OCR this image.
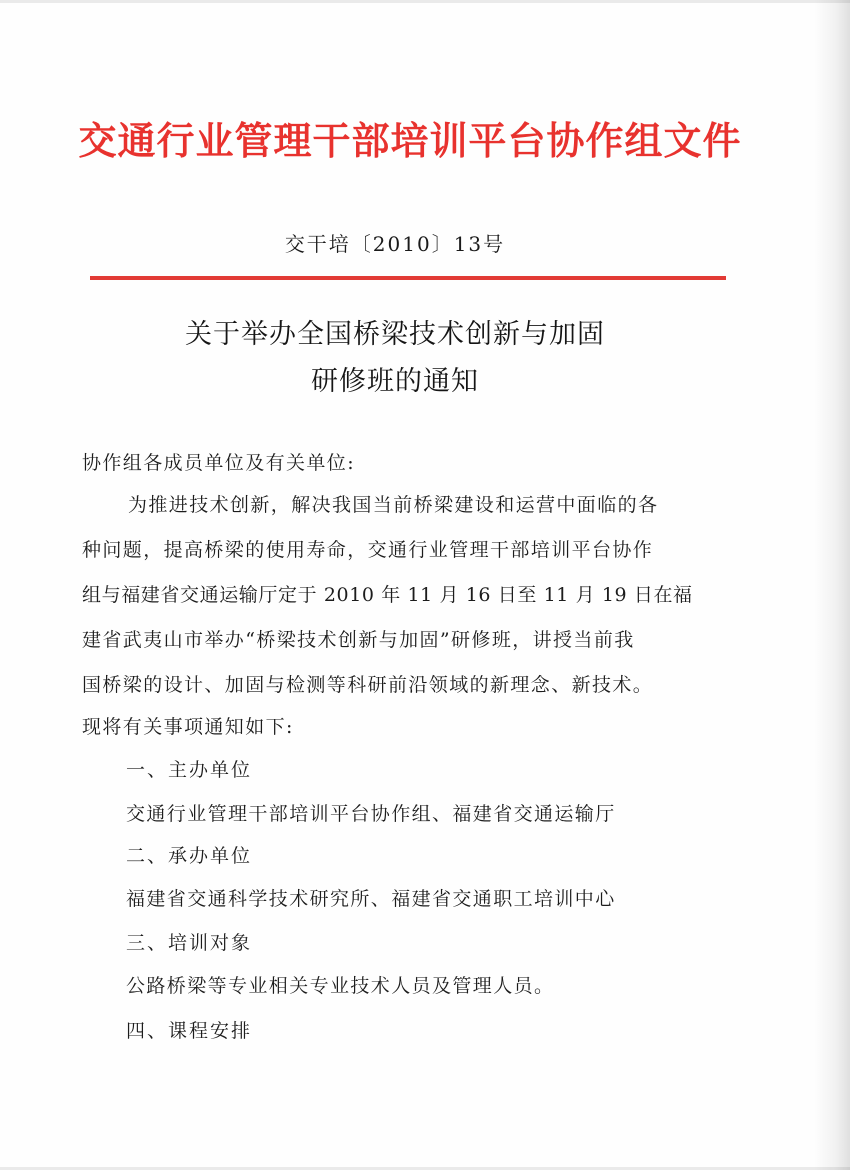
交通行业管理干部培训平台协作组文件
交干培〔2010〕13号
关于举办全国桥梁技术创新与加固
研修班的通知
协作组各成员单位及有关单位:
为推进技术创新，解决我国当前桥梁建设和运营中面临的各
种问题，提高桥梁的使用寿命，交通行业管理干部培训平台协作
组与福建省交通运输厅定于 2010 年 11 月 16 日至 11 月 19 日在福
建省武夷山市举办“桥梁技术创新与加固”研修班，讲授当前我
国桥梁的设计、加固与检测等科研前沿领域的新理念、新技术。
现将有关事项通知如下:
一、主办单位
交通行业管理干部培训平台协作组、福建省交通运输厅
二、承办单位
福建省交通科学技术研究所、福建省交通职工培训中心
三、培训对象
公路桥梁等专业相关专业技术人员及管理人员。
四、课程安排
